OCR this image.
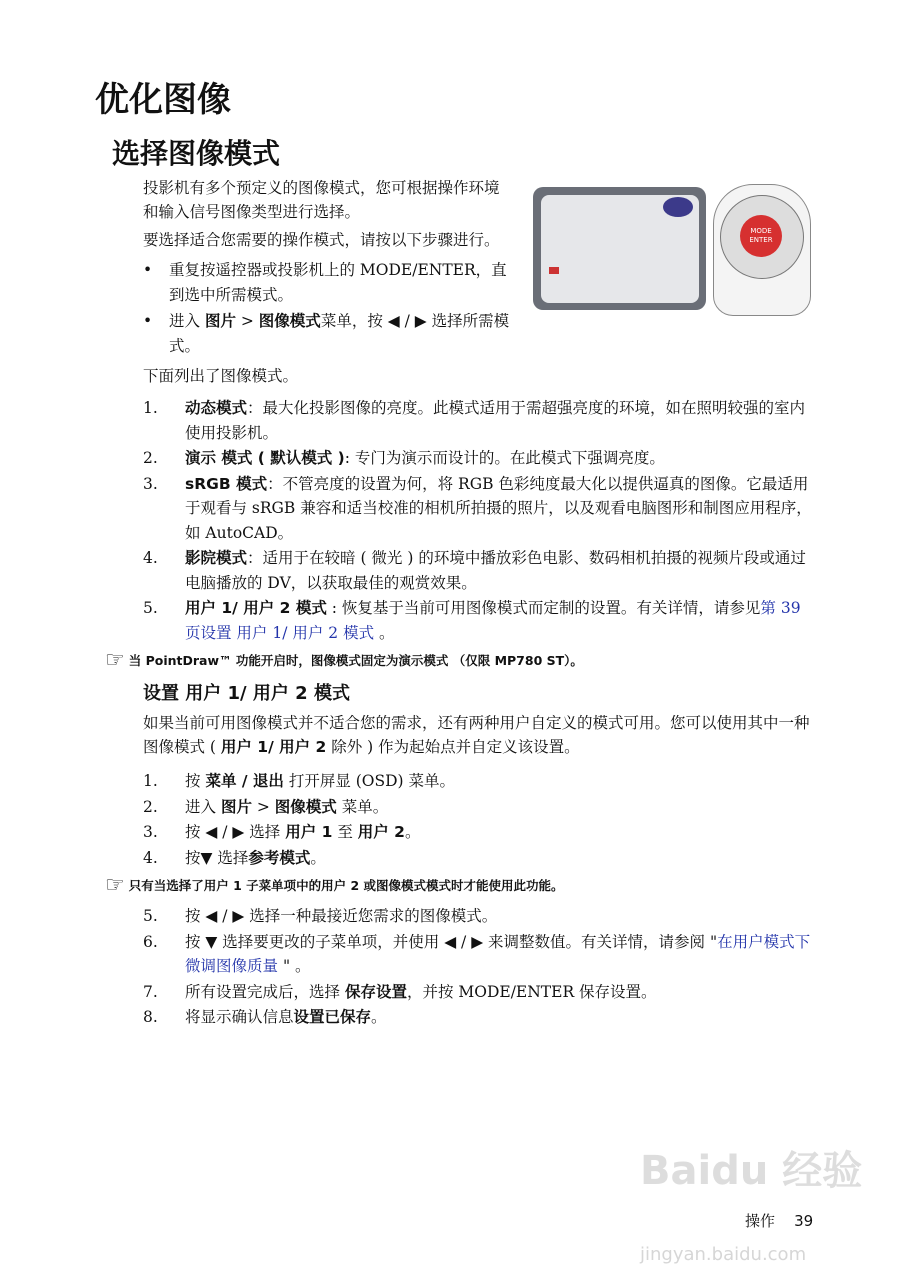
优化图像
选择图像模式
MODE ENTER
投影机有多个预定义的图像模式，您可根据操作环境和输入信号图像类型进行选择。
要选择适合您需要的操作模式，请按以下步骤进行。
• 重复按遥控器或投影机上的 MODE/ENTER，直到选中所需模式。
• 进入 图片 > 图像模式菜单，按 ◀ / ▶ 选择所需模式。
下面列出了图像模式。
1. 动态模式：最大化投影图像的亮度。此模式适用于需超强亮度的环境，如在照明较强的室内使用投影机。
2. 演示 模式 ( 默认模式 ): 专门为演示而设计的。在此模式下强调亮度。
3. sRGB 模式：不管亮度的设置为何，将 RGB 色彩纯度最大化以提供逼真的图像。它最适用于观看与 sRGB 兼容和适当校准的相机所拍摄的照片，以及观看电脑图形和制图应用程序，如 AutoCAD。
4. 影院模式：适用于在较暗 ( 微光 ) 的环境中播放彩色电影、数码相机拍摄的视频片段或通过电脑播放的 DV，以获取最佳的观赏效果。
5. 用户 1/ 用户 2 模式 : 恢复基于当前可用图像模式而定制的设置。有关详情，请参见第 39 页设置 用户 1/ 用户 2 模式 。
☞ 当 PointDraw™ 功能开启时，图像模式固定为演示模式 （仅限 MP780 ST）。
设置 用户 1/ 用户 2 模式
如果当前可用图像模式并不适合您的需求，还有两种用户自定义的模式可用。您可以使用其中一种图像模式 ( 用户 1/ 用户 2 除外 ) 作为起始点并自定义该设置。
1. 按 菜单 / 退出 打开屏显 (OSD) 菜单。
2. 进入 图片 > 图像模式 菜单。
3. 按 ◀ / ▶ 选择 用户 1 至 用户 2。
4. 按▼ 选择参考模式。
☞ 只有当选择了用户 1 子菜单项中的用户 2 或图像模式模式时才能使用此功能。
5. 按 ◀ / ▶ 选择一种最接近您需求的图像模式。
6. 按 ▼ 选择要更改的子菜单项，并使用 ◀ / ▶ 来调整数值。有关详情，请参阅 "在用户模式下微调图像质量 " 。
7. 所有设置完成后，选择 保存设置，并按 MODE/ENTER 保存设置。
8. 将显示确认信息设置已保存。
Baidu 经验
操作 39
jingyan.baidu.com
